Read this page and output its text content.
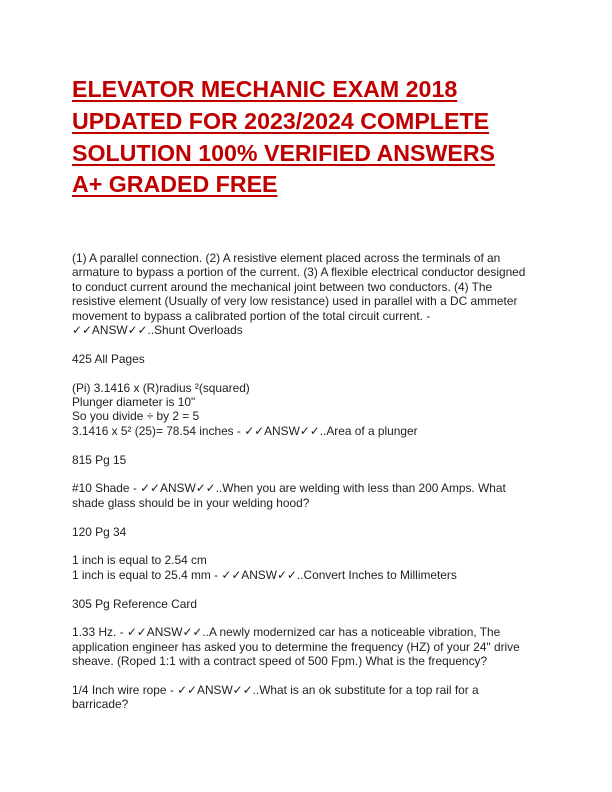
ELEVATOR MECHANIC EXAM 2018
UPDATED FOR 2023/2024 COMPLETE
SOLUTION 100% VERIFIED ANSWERS
A+ GRADED FREE

(1) A parallel connection. (2) A resistive element placed across the terminals of an
armature to bypass a portion of the current. (3) A flexible electrical conductor designed
to conduct current around the mechanical joint between two conductors. (4) The
resistive element (Usually of very low resistance) used in parallel with a DC ammeter
movement to bypass a calibrated portion of the total circuit current. -
✓✓ANSW✓✓..Shunt Overloads

425 All Pages

(Pi) 3.1416 x (R)radius ²(squared)
Plunger diameter is 10"
So you divide ÷ by 2 = 5
3.1416 x 5² (25)= 78.54 inches - ✓✓ANSW✓✓..Area of a plunger

815 Pg 15

#10 Shade - ✓✓ANSW✓✓..When you are welding with less than 200 Amps. What
shade glass should be in your welding hood?

120 Pg 34

1 inch is equal to 2.54 cm
1 inch is equal to 25.4 mm - ✓✓ANSW✓✓..Convert Inches to Millimeters

305 Pg Reference Card

1.33 Hz. - ✓✓ANSW✓✓..A newly modernized car has a noticeable vibration, The
application engineer has asked you to determine the frequency (HZ) of your 24" drive
sheave. (Roped 1:1 with a contract speed of 500 Fpm.) What is the frequency?

1/4 Inch wire rope - ✓✓ANSW✓✓..What is an ok substitute for a top rail for a
barricade?
